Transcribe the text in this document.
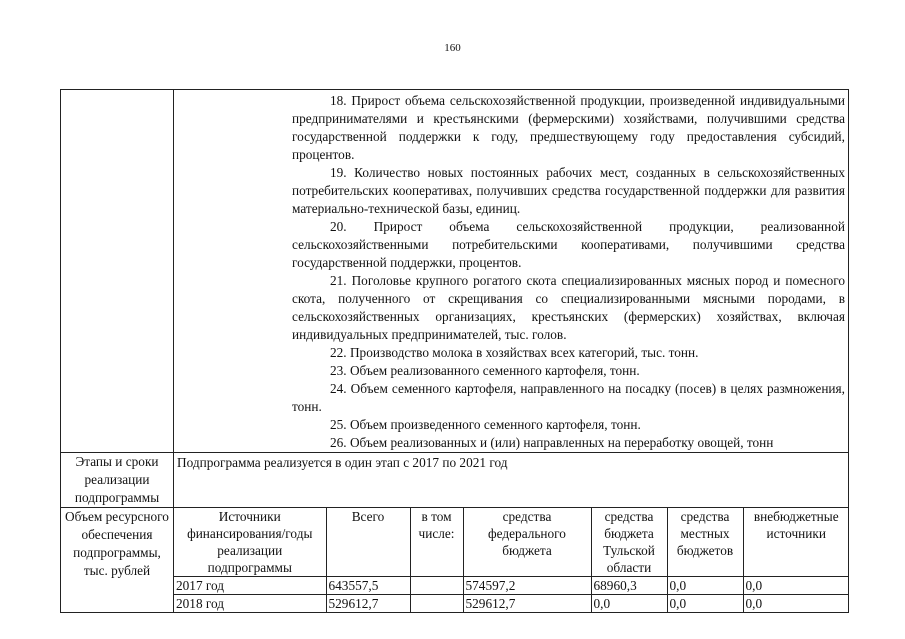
160

18. Прирост объема сельскохозяйственной продукции, произведенной индивидуальными предпринимателями и крестьянскими (фермерскими) хозяйствами, получившими средства государственной поддержки к году, предшествующему году предоставления субсидий, процентов.

19. Количество новых постоянных рабочих мест, созданных в сельскохозяйственных потребительских кооперативах, получивших средства государственной поддержки для развития материально-технической базы, единиц.

20. Прирост объема сельскохозяйственной продукции, реализованной сельскохозяйственными потребительскими кооперативами, получившими средства государственной поддержки, процентов.

21. Поголовье крупного рогатого скота специализированных мясных пород и помесного скота, полученного от скрещивания со специализированными мясными породами, в сельскохозяйственных организациях, крестьянских (фермерских) хозяйствах, включая индивидуальных предпринимателей, тыс. голов.

22. Производство молока в хозяйствах всех категорий, тыс. тонн.

23. Объем реализованного семенного картофеля, тонн.

24. Объем семенного картофеля, направленного на посадку (посев) в целях размножения, тонн.

25. Объем произведенного семенного картофеля, тонн.

26. Объем реализованных и (или) направленных на переработку овощей, тонн

Этапы и сроки реализации подпрограммы	Подпрограмма реализуется в один этап с 2017 по 2021 год
Объем ресурсного обеспечения подпрограммы, тыс. рублей	
Источники финансирования/годы реализации подпрограммы	Всего	в том числе:	средства федерального бюджета	средства бюджета Тульской области	средства местных бюджетов	внебюджетные источники
2017 год	643557,5		574597,2	68960,3	0,0	0,0
2018 год	529612,7		529612,7	0,0	0,0	0,0
